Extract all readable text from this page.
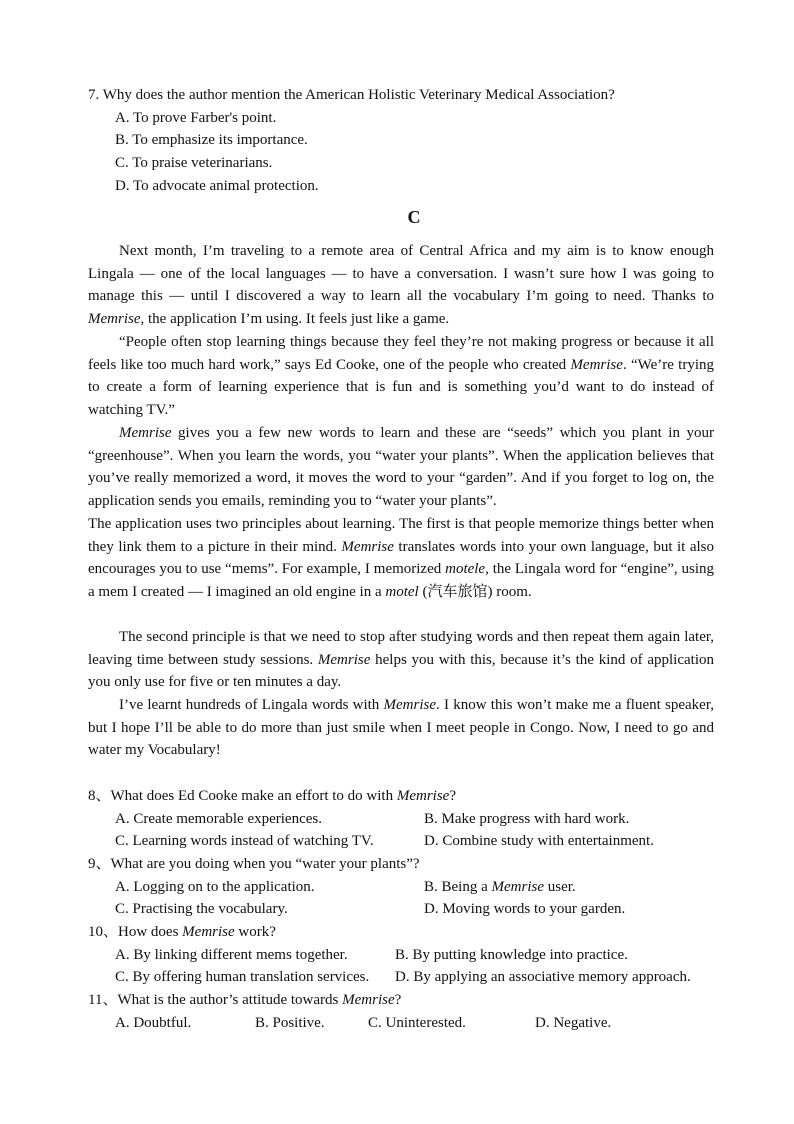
7. Why does the author mention the American Holistic Veterinary Medical Association?
A. To prove Farber's point.
B. To emphasize its importance.
C. To praise veterinarians.
D. To advocate animal protection.
C

Next month, I’m traveling to a remote area of Central Africa and my aim is to know enough Lingala — one of the local languages — to have a conversation. I wasn’t sure how I was going to manage this — until I discovered a way to learn all the vocabulary I’m going to need. Thanks to Memrise, the application I’m using. It feels just like a game.

“People often stop learning things because they feel they’re not making progress or because it all feels like too much hard work,” says Ed Cooke, one of the people who created Memrise. “We’re trying to create a form of learning experience that is fun and is something you’d want to do instead of watching TV.”

Memrise gives you a few new words to learn and these are “seeds” which you plant in your “greenhouse”. When you learn the words, you “water your plants”. When the application believes that you’ve really memorized a word, it moves the word to your “garden”. And if you forget to log on, the application sends you emails, reminding you to “water your plants”.

The application uses two principles about learning. The first is that people memorize things better when they link them to a picture in their mind. Memrise translates words into your own language, but it also encourages you to use “mems”. For example, I memorized motele, the Lingala word for “engine”, using a mem I created — I imagined an old engine in a motel (汽车旅馆) room.

The second principle is that we need to stop after studying words and then repeat them again later, leaving time between study sessions. Memrise helps you with this, because it’s the kind of application you only use for five or ten minutes a day.

I’ve learnt hundreds of Lingala words with Memrise. I know this won’t make me a fluent speaker, but I hope I’ll be able to do more than just smile when I meet people in Congo. Now, I need to go and water my Vocabulary!

8、What does Ed Cooke make an effort to do with Memrise?
A. Create memorable experiences.	B. Make progress with hard work.
C. Learning words instead of watching TV.	D. Combine study with entertainment.
9、What are you doing when you “water your plants”?
A. Logging on to the application.	B. Being a Memrise user.
C. Practising the vocabulary.	D. Moving words to your garden.
10、How does Memrise work?
A. By linking different mems together.	B. By putting knowledge into practice.
C. By offering human translation services. D. By applying an associative memory approach.
11、What is the author’s attitude towards Memrise?
A. Doubtful.	B. Positive.	C. Uninterested.	D. Negative.
